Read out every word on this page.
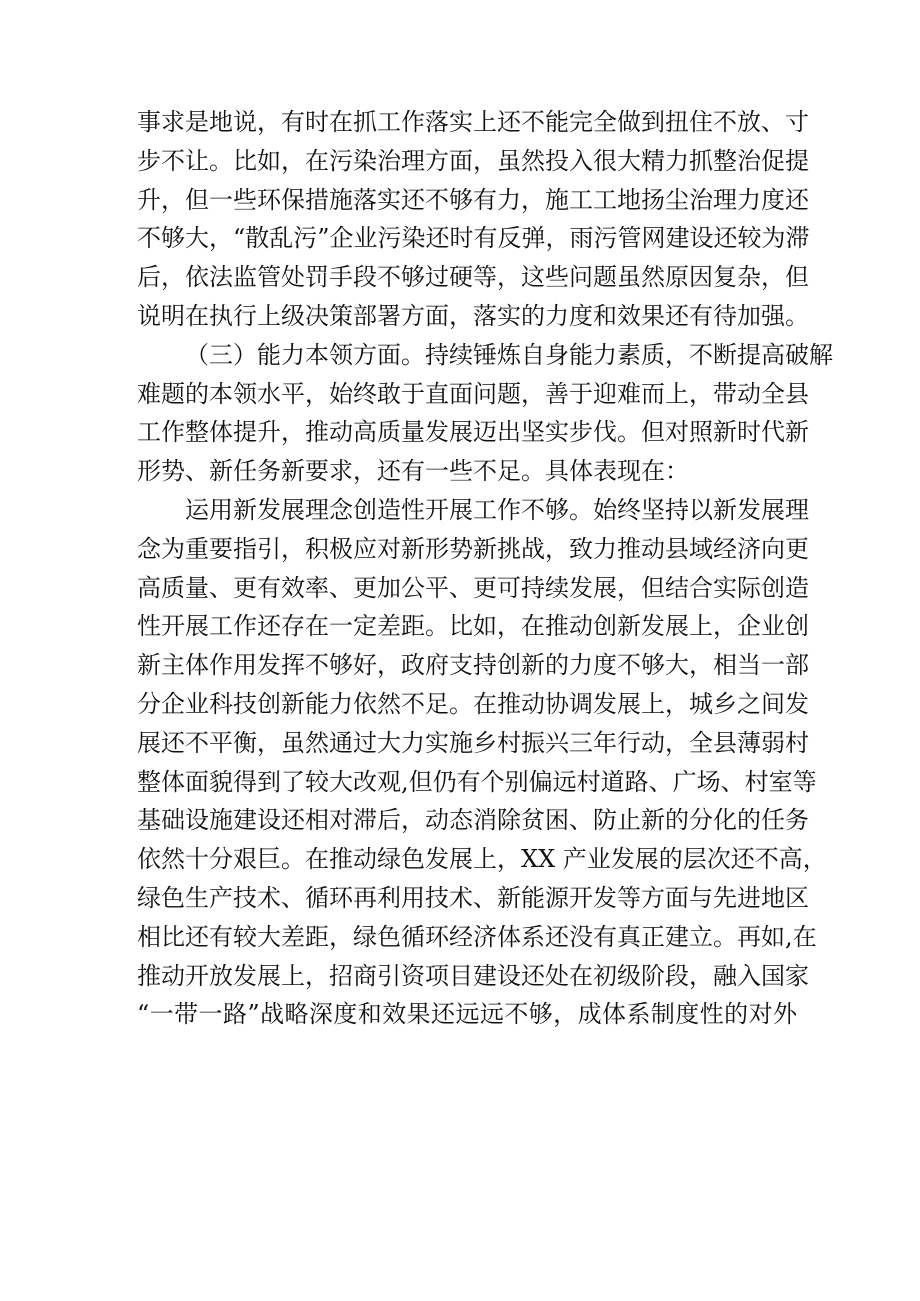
事求是地说，有时在抓工作落实上还不能完全做到扭住不放、寸
步不让。比如，在污染治理方面，虽然投入很大精力抓整治促提
升，但一些环保措施落实还不够有力，施工工地扬尘治理力度还
不够大，“散乱污”企业污染还时有反弹，雨污管网建设还较为滞
后，依法监管处罚手段不够过硬等，这些问题虽然原因复杂，但
说明在执行上级决策部署方面，落实的力度和效果还有待加强。
（三）能力本领方面。持续锤炼自身能力素质，不断提高破解
难题的本领水平，始终敢于直面问题，善于迎难而上，带动全县
工作整体提升，推动高质量发展迈出坚实步伐。但对照新时代新
形势、新任务新要求，还有一些不足。具体表现在：
运用新发展理念创造性开展工作不够。始终坚持以新发展理
念为重要指引，积极应对新形势新挑战，致力推动县域经济向更
高质量、更有效率、更加公平、更可持续发展，但结合实际创造
性开展工作还存在一定差距。比如，在推动创新发展上，企业创
新主体作用发挥不够好，政府支持创新的力度不够大，相当一部
分企业科技创新能力依然不足。在推动协调发展上，城乡之间发
展还不平衡，虽然通过大力实施乡村振兴三年行动，全县薄弱村
整体面貌得到了较大改观,但仍有个别偏远村道路、广场、村室等
基础设施建设还相对滞后，动态消除贫困、防止新的分化的任务
依然十分艰巨。在推动绿色发展上，XX 产业发展的层次还不高，
绿色生产技术、循环再利用技术、新能源开发等方面与先进地区
相比还有较大差距，绿色循环经济体系还没有真正建立。再如,在
推动开放发展上，招商引资项目建设还处在初级阶段，融入国家
“一带一路”战略深度和效果还远远不够，成体系制度性的对外
